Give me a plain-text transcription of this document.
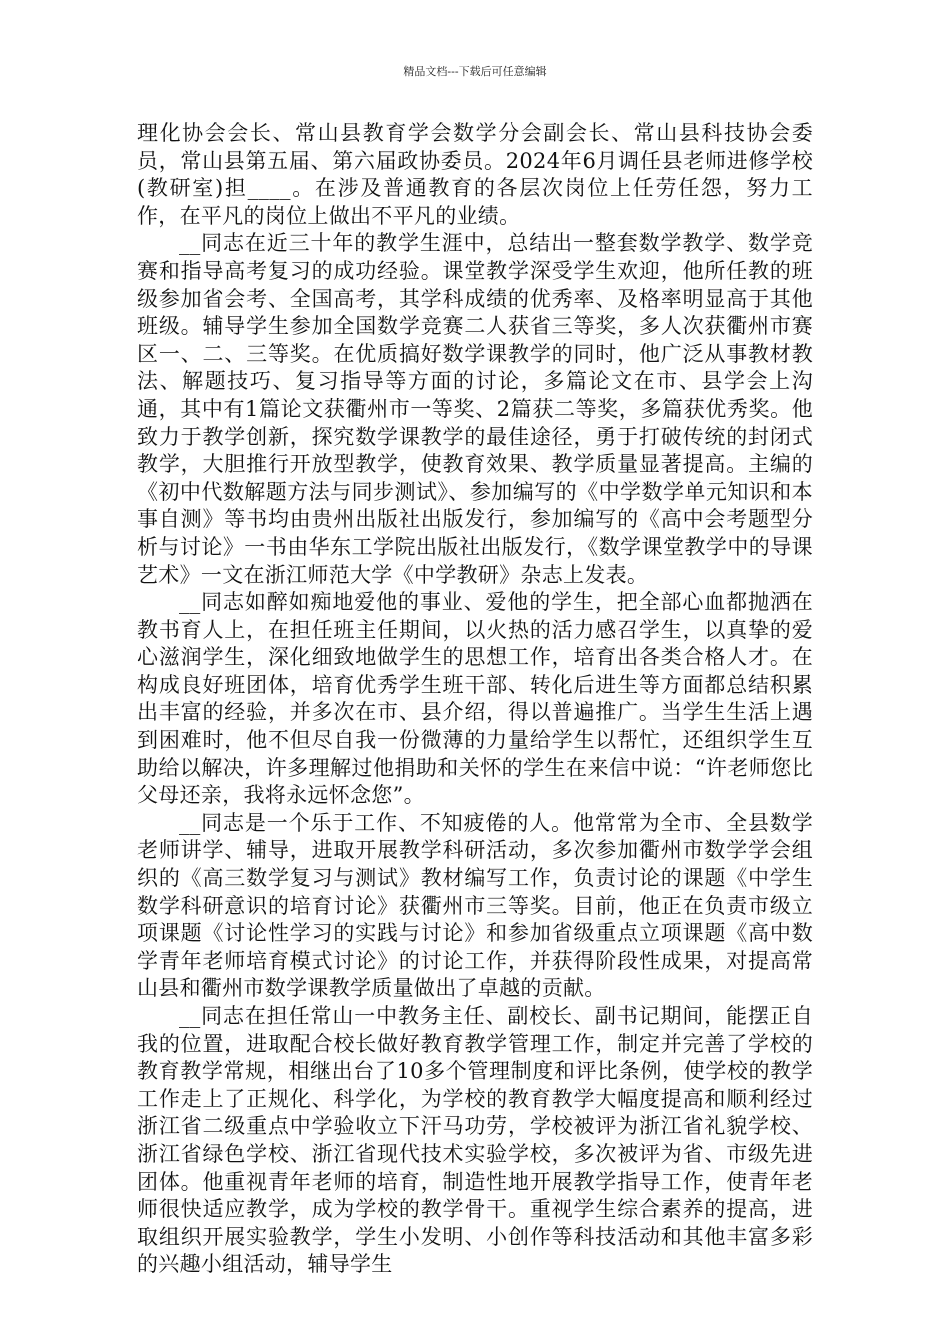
精品文档---下载后可任意编辑

理化协会会长、常山县教育学会数学分会副会长、常山县科技协会委员，常山县第五届、第六届政协委员。2024年6月调任县老师进修学校(教研室)担____。在涉及普通教育的各层次岗位上任劳任怨，努力工作，在平凡的岗位上做出不平凡的业绩。

__同志在近三十年的教学生涯中，总结出一整套数学教学、数学竞赛和指导高考复习的成功经验。课堂教学深受学生欢迎，他所任教的班级参加省会考、全国高考，其学科成绩的优秀率、及格率明显高于其他班级。辅导学生参加全国数学竞赛二人获省三等奖，多人次获衢州市赛区一、二、三等奖。在优质搞好数学课教学的同时，他广泛从事教材教法、解题技巧、复习指导等方面的讨论，多篇论文在市、县学会上沟通，其中有1篇论文获衢州市一等奖、2篇获二等奖，多篇获优秀奖。他致力于教学创新，探究数学课教学的最佳途径，勇于打破传统的封闭式教学，大胆推行开放型教学，使教育效果、教学质量显著提高。主编的《初中代数解题方法与同步测试》、参加编写的《中学数学单元知识和本事自测》等书均由贵州出版社出版发行，参加编写的《高中会考题型分析与讨论》一书由华东工学院出版社出版发行，《数学课堂教学中的导课艺术》一文在浙江师范大学《中学教研》杂志上发表。

__同志如醉如痴地爱他的事业、爱他的学生，把全部心血都抛洒在教书育人上，在担任班主任期间，以火热的活力感召学生，以真挚的爱心滋润学生，深化细致地做学生的思想工作，培育出各类合格人才。在构成良好班团体，培育优秀学生班干部、转化后进生等方面都总结积累出丰富的经验，并多次在市、县介绍，得以普遍推广。当学生生活上遇到困难时，他不但尽自我一份微薄的力量给学生以帮忙，还组织学生互助给以解决，许多理解过他捐助和关怀的学生在来信中说：“许老师您比父母还亲，我将永远怀念您”。

__同志是一个乐于工作、不知疲倦的人。他常常为全市、全县数学老师讲学、辅导，进取开展教学科研活动，多次参加衢州市数学学会组织的《高三数学复习与测试》教材编写工作，负责讨论的课题《中学生数学科研意识的培育讨论》获衢州市三等奖。目前，他正在负责市级立项课题《讨论性学习的实践与讨论》和参加省级重点立项课题《高中数学青年老师培育模式讨论》的讨论工作，并获得阶段性成果，对提高常山县和衢州市数学课教学质量做出了卓越的贡献。

__同志在担任常山一中教务主任、副校长、副书记期间，能摆正自我的位置，进取配合校长做好教育教学管理工作，制定并完善了学校的教育教学常规，相继出台了10多个管理制度和评比条例，使学校的教学工作走上了正规化、科学化，为学校的教育教学大幅度提高和顺利经过浙江省二级重点中学验收立下汗马功劳，学校被评为浙江省礼貌学校、浙江省绿色学校、浙江省现代技术实验学校，多次被评为省、市级先进团体。他重视青年老师的培育，制造性地开展教学指导工作，使青年老师很快适应教学，成为学校的教学骨干。重视学生综合素养的提高，进取组织开展实验教学，学生小发明、小创作等科技活动和其他丰富多彩的兴趣小组活动，辅导学生
